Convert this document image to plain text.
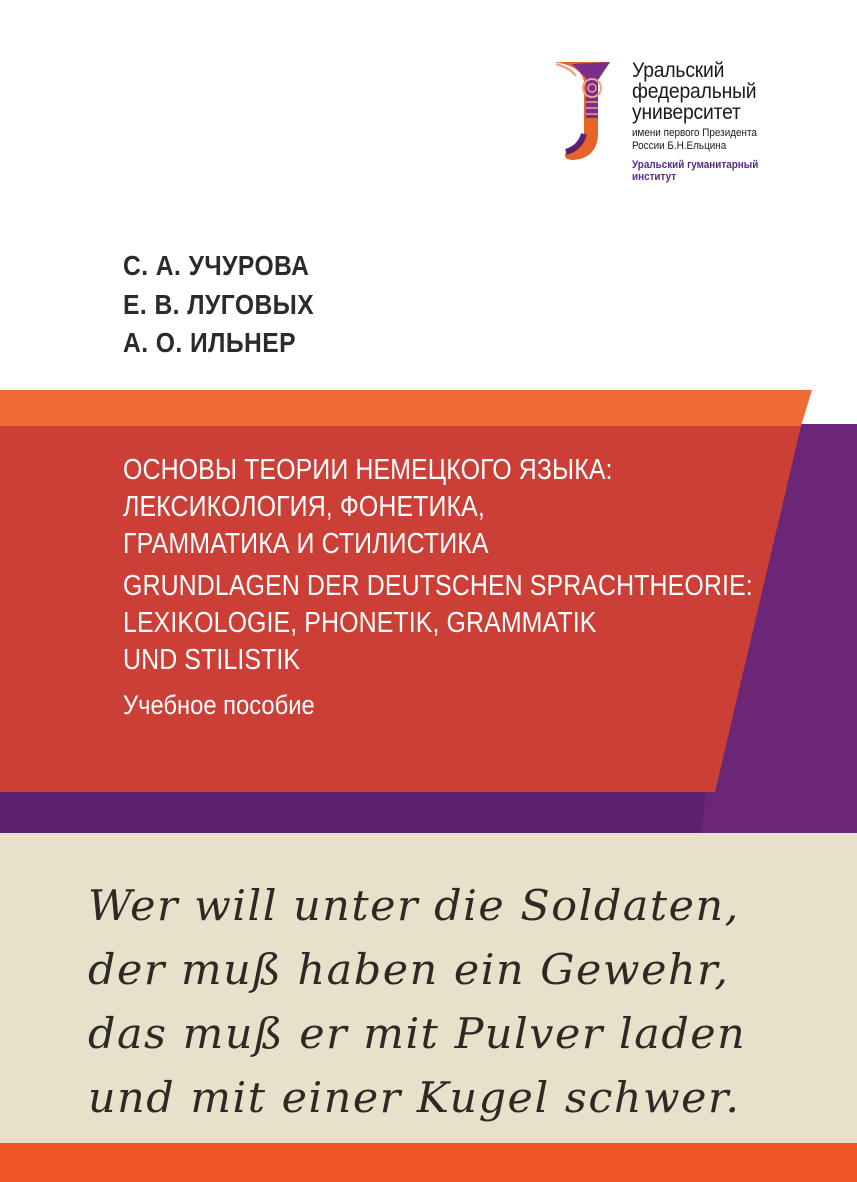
Уральский
федеральный
университет
имени первого Президента
России Б.Н.Ельцина
Уральский гуманитарный
институт
С. А. УЧУРОВА
Е. В. ЛУГОВЫХ
А. О. ИЛЬНЕР
ОСНОВЫ ТЕОРИИ НЕМЕЦКОГО ЯЗЫКА:
ЛЕКСИКОЛОГИЯ, ФОНЕТИКА,
ГРАММАТИКА И СТИЛИСТИКА
GRUNDLAGEN DER DEUTSCHEN SPRACHTHEORIE:
LEXIKOLOGIE, PHONETIK, GRAMMATIK
UND STILISTIK
Учебное пособие
Wer will unter die Soldaten,
der muß haben ein Gewehr,
das muß er mit Pulver laden
und mit einer Kugel schwer.
